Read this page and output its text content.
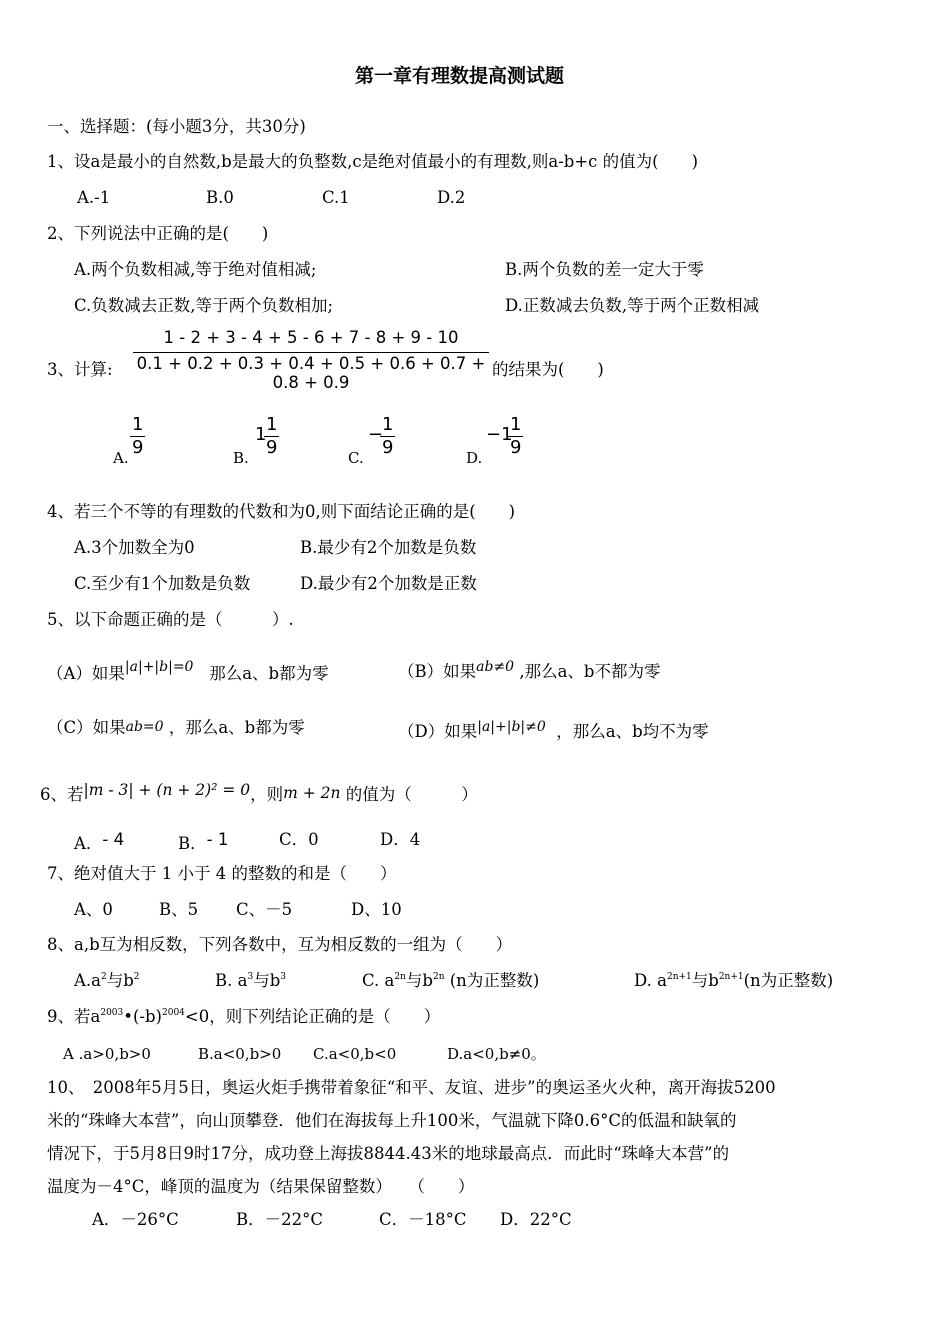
第一章有理数提高测试题
一、选择题：(每小题3分，共30分)
1、设a是最小的自然数,b是最大的负整数,c是绝对值最小的有理数,则a-b+c 的值为(　　)
A.-1	B.0	C.1	D.2
2、下列说法中正确的是(　　)
A.两个负数相减,等于绝对值相减;	B.两个负数的差一定大于零
C.负数减去正数,等于两个负数相加;	D.正数减去负数,等于两个正数相减
3、计算:
1 - 2 + 3 - 4 + 5 - 6 + 7 - 8 + 9 - 10
0.1 + 0.2 + 0.3 + 0.4 + 0.5 + 0.6 + 0.7 + 0.8 + 0.9
的结果为(　　)
A. $\frac{1}{9}$	B.
1
$\frac{1}{9}$	C.
−
$\frac{1}{9}$	D.
−1
$\frac{1}{9}$
4、若三个不等的有理数的代数和为0,则下面结论正确的是(　　)
A.3个加数全为0	B.最少有2个加数是负数
C.至少有1个加数是负数	D.最少有2个加数是正数
5、以下命题正确的是（　　　）.
（A）如果$^{|a|+|b|=0}$ 那么a、b都为零	（B）如果$^{ab\ne 0}$ ,那么a、b不都为零
（C）如果ab=0 ，那么a、b都为零	（D）如果$^{|a|+|b|\ne 0}$ ，那么a、b均不为零
6、若|m - 3| + (n + 2)² = 0，则m + 2n 的值为（　　　）
A．- 4	B．- 1	C．0	D．4
7、绝对值大于 1 小于 4 的整数的和是（　　）
A、0	B、5 C、－5	D、10
8、a,b互为相反数，下列各数中，互为相反数的一组为（　　）
$A.a^2$与$b^2$	B. $a^3$与$b^3$	C. $a^{2n}$与$b^{2n}$ (n为正整数)	D. $a^{2n+1}$与$b^{2n+1}(n$为正整数)
9、若$a^{2003}•(-b)^{2004}<0$，则下列结论正确的是（　　）
A .a>0,b>0	B.a<0,b>0 C.a<0,b<0	D.a<0,b≠0。
10、　2008年5月5日，奥运火炬手携带着象征“和平、友谊、进步”的奥运圣火火种，离开海拔5200
米的“珠峰大本营”，向山顶攀登．他们在海拔每上升100米，气温就下降0.6°C的低温和缺氧的
情况下，于5月8日9时17分，成功登上海拔8844.43米的地球最高点．而此时“珠峰大本营”的
温度为－4°C，峰顶的温度为（结果保留整数）　　（　　）
A．－26°C	B．－22°C	C．－18°C D．22°C
